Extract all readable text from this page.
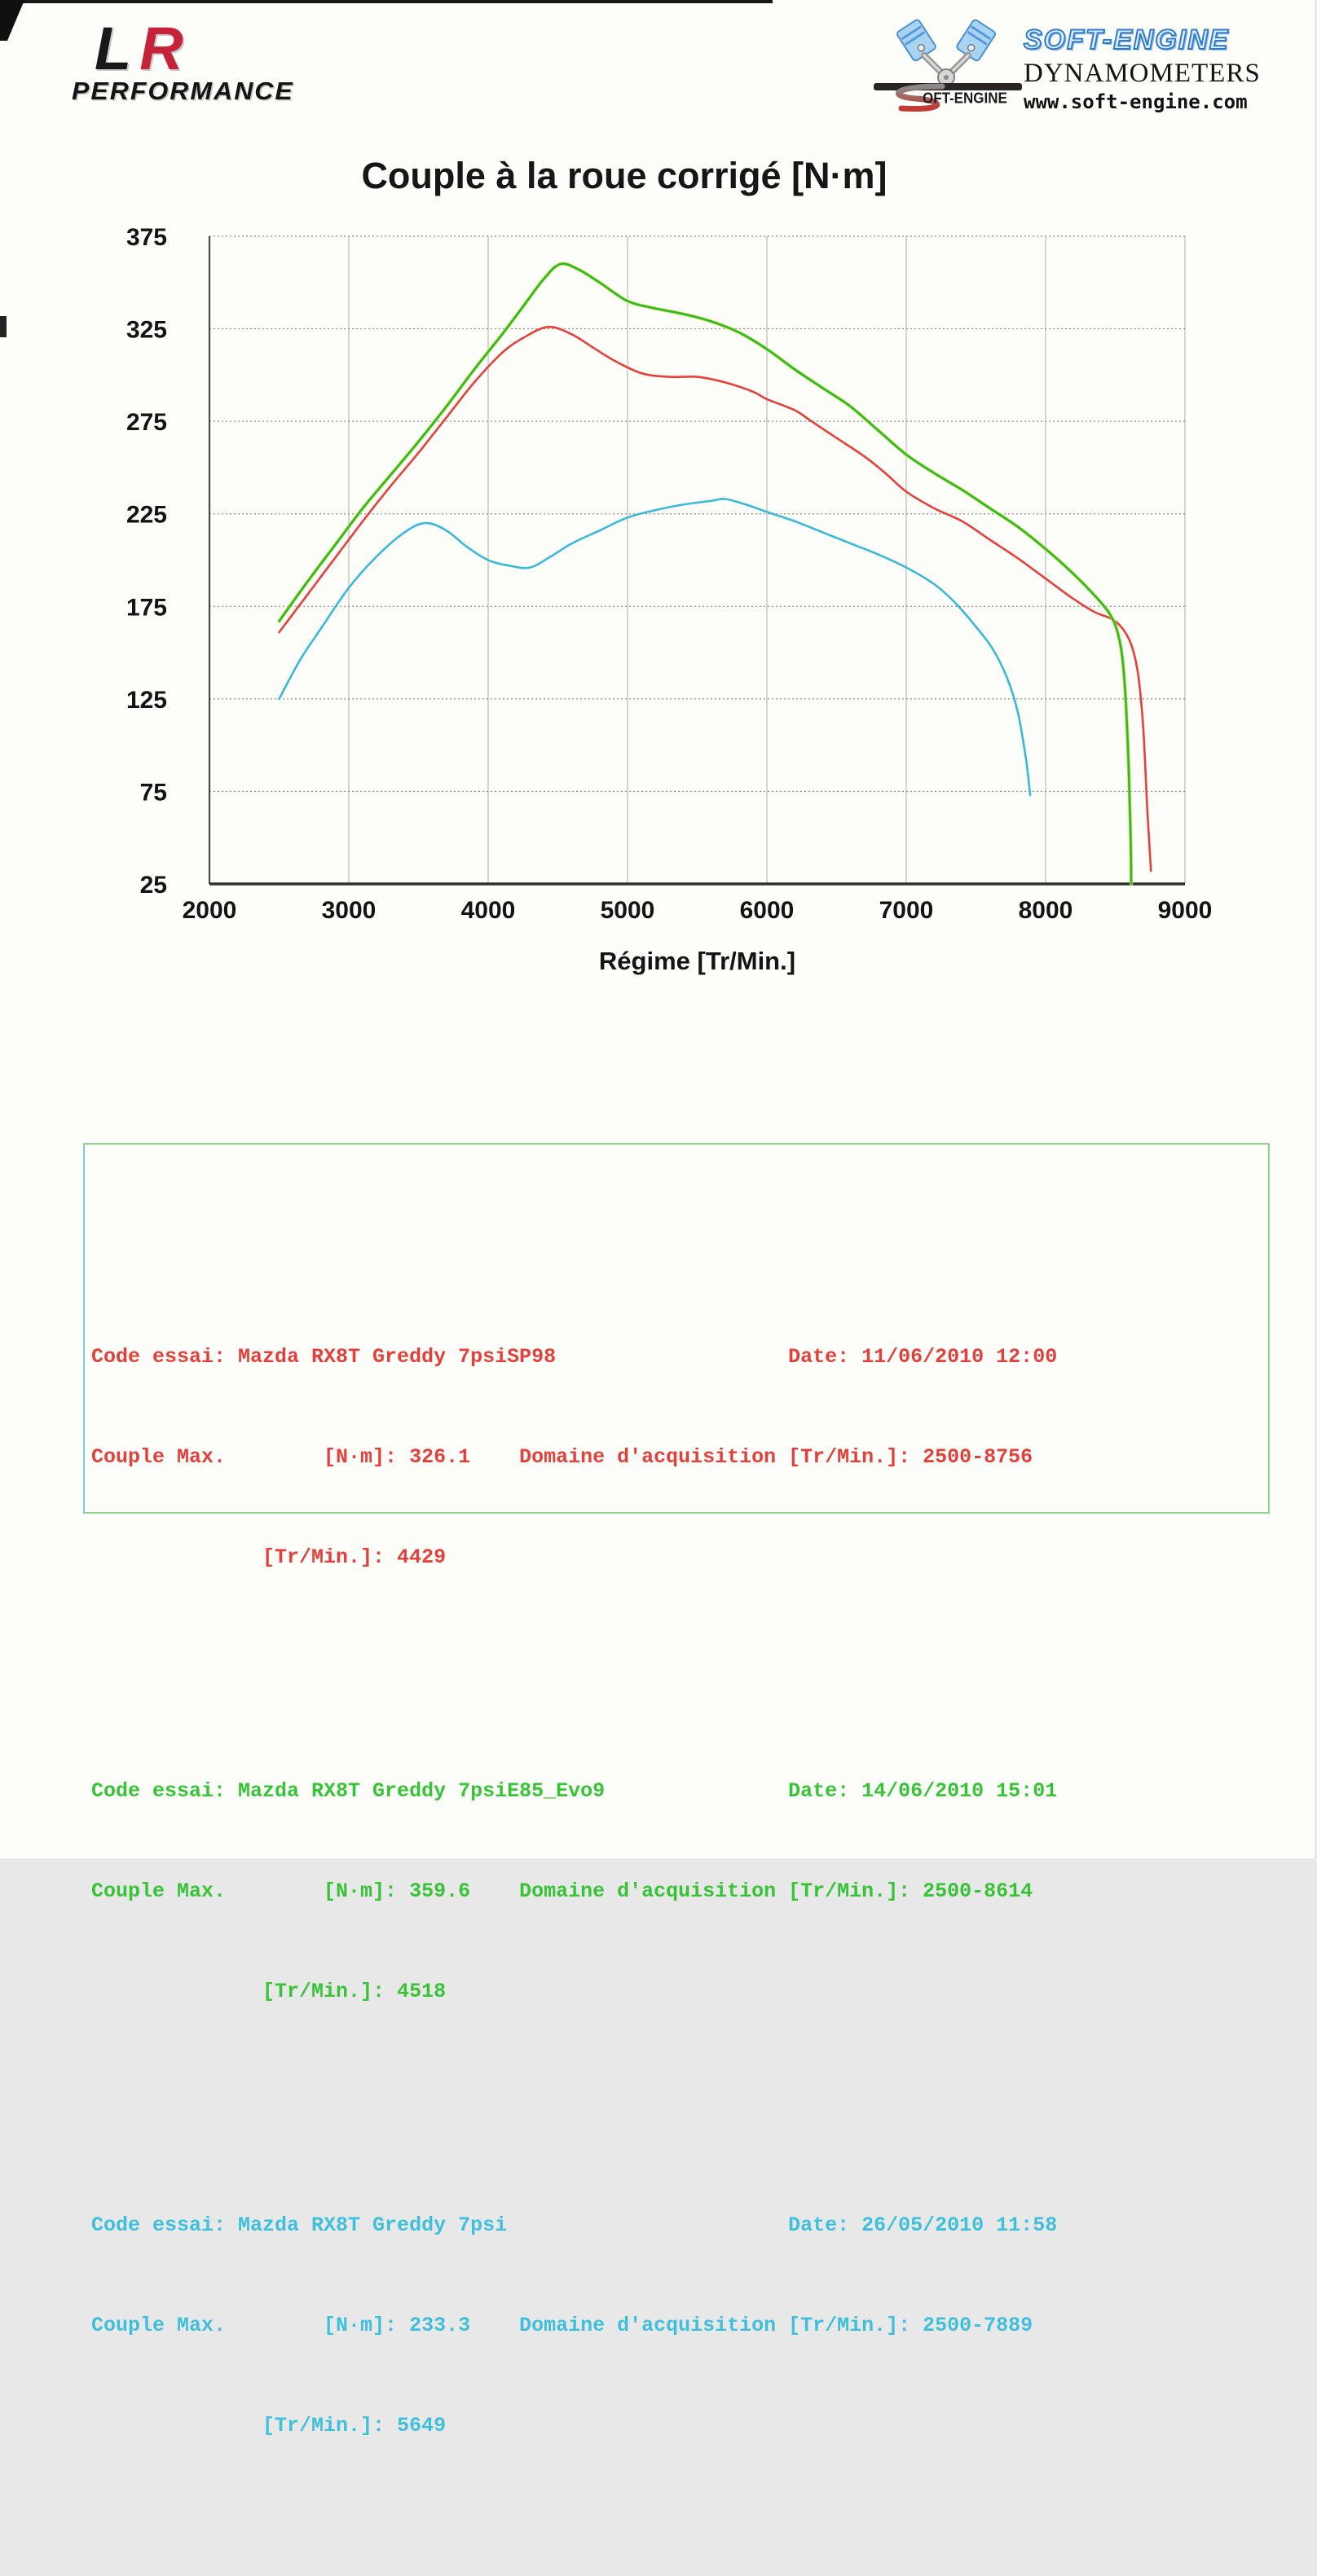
LR
PERFORMANCE	OFT-ENGINE
SOFT-ENGINE
DYNAMOMETERS
www.soft-engine.com
Couple à la roue corrigé [N·m]
25
75
125
175
225
275
325
375
2000	3000	4000	5000	6000	7000	8000	9000
Régime [Tr/Min.]

Code essai: Mazda RX8T Greddy 7psiSP98                   Date: 11/06/2010 12:00

Couple Max.        [N·m]: 326.1    Domaine d'acquisition [Tr/Min.]: 2500-8756

[Tr/Min.]: 4429

Code essai: Mazda RX8T Greddy 7psiE85_Evo9               Date: 14/06/2010 15:01

Couple Max.        [N·m]: 359.6    Domaine d'acquisition [Tr/Min.]: 2500-8614

[Tr/Min.]: 4518

Code essai: Mazda RX8T Greddy 7psi                       Date: 26/05/2010 11:58

Couple Max.        [N·m]: 233.3    Domaine d'acquisition [Tr/Min.]: 2500-7889

[Tr/Min.]: 5649
